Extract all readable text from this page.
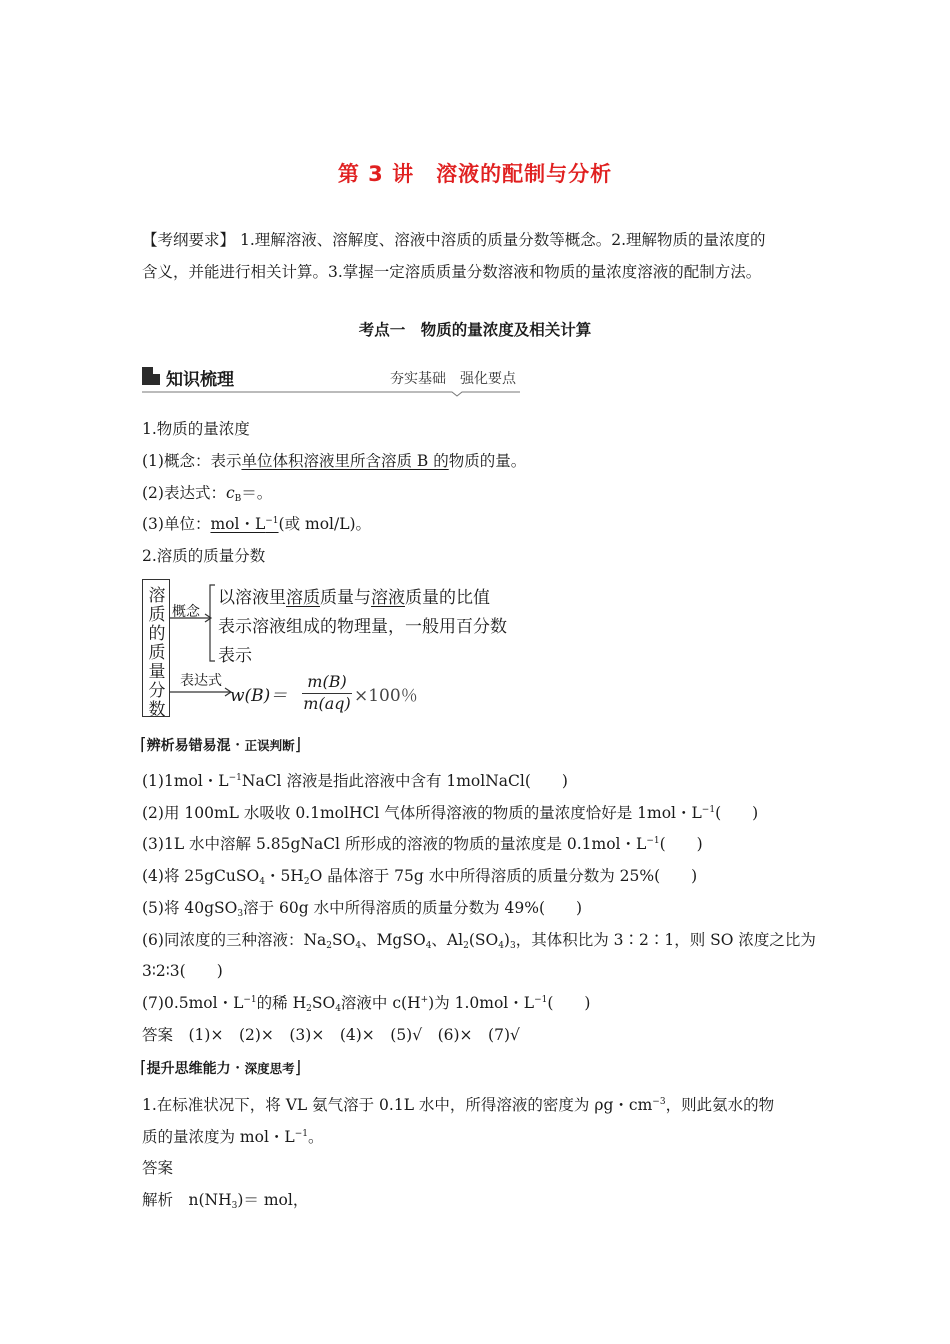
第 3 讲　溶液的配制与分析
【考纲要求】 1.理解溶液、溶解度、溶液中溶质的质量分数等概念。2.理解物质的量浓度的
含义，并能进行相关计算。3.掌握一定溶质质量分数溶液和物质的量浓度溶液的配制方法。
考点一　物质的量浓度及相关计算
知识梳理	夯实基础　强化要点
1.物质的量浓度
(1)概念：表示单位体积溶液里所含溶质 B 的物质的量。
(2)表达式：$c_B=$。
(3)单位：mol・$L^{-1}$(或 mol/L)。
2.溶质的质量分数
溶
质
的
质
量
分
数
概念
以溶液里溶质质量与溶液质量的比值
表示溶液组成的物理量，一般用百分数
表示
表达式
w(B)＝
m(B)
m(aq) ×100％
⌈辨析易错易混・正误判断⌋
(1)1mol・$L^{-1}NaCl$ 溶液是指此溶液中含有 1molNaCl(　　)
(2)用 100mL 水吸收 0.1molHCl 气体所得溶液的物质的量浓度恰好是 1mol・$L^{-1}$(　　)
(3)1L 水中溶解 5.85gNaCl 所形成的溶液的物质的量浓度是 0.1mol・$L^{-1}$(　　)
(4)将 25gCuSO$_4$・$5H_2O$ 晶体溶于 75g 水中所得溶质的质量分数为 25%(　　)
(5)将 40gSO$_3$溶于 60g 水中所得溶质的质量分数为 49%(　　)
(6)同浓度的三种溶液：$Na_2SO_4$、MgSO$_4$、$Al_2(SO_4)_3$，其体积比为 3∶2∶1，则 SO 浓度之比为
3∶2∶3(　　)
(7)0.5mol・$L^{-1}$的稀 $H_2SO_4$溶液中 c(H+)为 1.0mol・$L^{-1}$(　　)
答案　(1)×　(2)×　(3)×　(4)×　(5)√　(6)×　(7)√
⌈提升思维能力・深度思考⌋
1.在标准状况下，将 VL 氨气溶于 0.1L 水中，所得溶液的密度为 ρg・$cm^{-3}$，则此氨水的物
质的量浓度为 mol・$L^{-1}$。
答案
解析　$n(NH_3)=$ mol，
